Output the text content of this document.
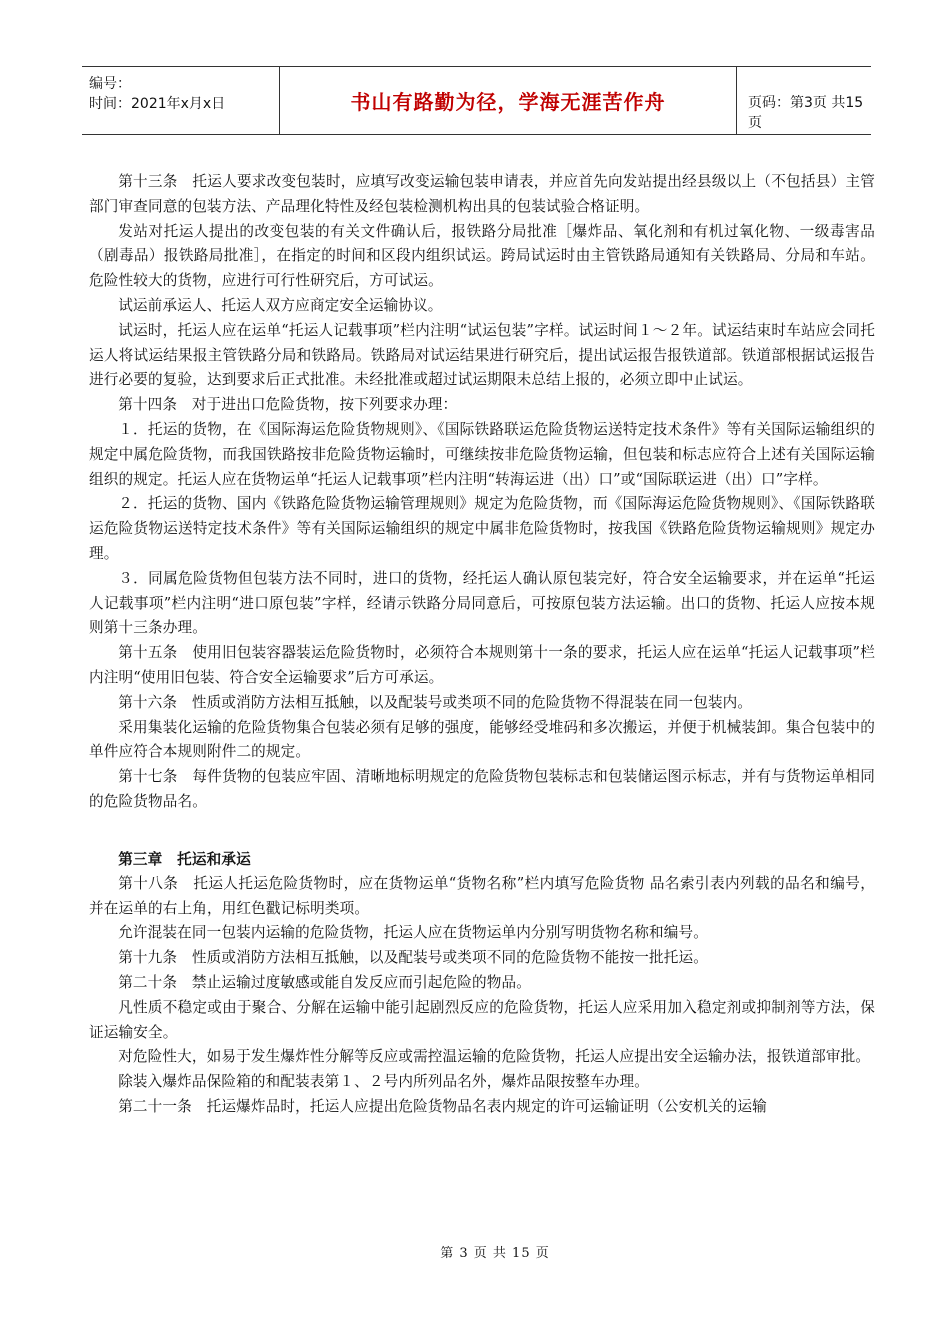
编号：
时间：2021年x月x日	书山有路勤为径，学海无涯苦作舟	页码：第3页 共15页

第十三条　托运人要求改变包装时，应填写改变运输包装申请表，并应首先向发站提出经县级以上（不包括县）主管部门审查同意的包装方法、产品理化特性及经包装检测机构出具的包装试验合格证明。

发站对托运人提出的改变包装的有关文件确认后，报铁路分局批准［爆炸品、氧化剂和有机过氧化物、一级毒害品（剧毒品）报铁路局批准］，在指定的时间和区段内组织试运。跨局试运时由主管铁路局通知有关铁路局、分局和车站。危险性较大的货物，应进行可行性研究后，方可试运。

试运前承运人、托运人双方应商定安全运输协议。

试运时，托运人应在运单“托运人记载事项”栏内注明“试运包装”字样。试运时间１～２年。试运结束时车站应会同托运人将试运结果报主管铁路分局和铁路局。铁路局对试运结果进行研究后，提出试运报告报铁道部。铁道部根据试运报告进行必要的复验，达到要求后正式批准。未经批准或超过试运期限未总结上报的，必须立即中止试运。

第十四条　对于进出口危险货物，按下列要求办理：

１．托运的货物，在《国际海运危险货物规则》、《国际铁路联运危险货物运送特定技术条件》等有关国际运输组织的规定中属危险货物，而我国铁路按非危险货物运输时，可继续按非危险货物运输，但包装和标志应符合上述有关国际运输组织的规定。托运人应在货物运单“托运人记载事项”栏内注明“转海运进（出）口”或“国际联运进（出）口”字样。

２．托运的货物、国内《铁路危险货物运输管理规则》规定为危险货物，而《国际海运危险货物规则》、《国际铁路联运危险货物运送特定技术条件》等有关国际运输组织的规定中属非危险货物时，按我国《铁路危险货物运输规则》规定办理。

３．同属危险货物但包装方法不同时，进口的货物，经托运人确认原包装完好，符合安全运输要求，并在运单“托运人记载事项”栏内注明“进口原包装”字样，经请示铁路分局同意后，可按原包装方法运输。出口的货物、托运人应按本规则第十三条办理。

第十五条　使用旧包装容器装运危险货物时，必须符合本规则第十一条的要求，托运人应在运单“托运人记载事项”栏内注明“使用旧包装、符合安全运输要求”后方可承运。

第十六条　性质或消防方法相互抵触，以及配装号或类项不同的危险货物不得混装在同一包装内。

采用集装化运输的危险货物集合包装必须有足够的强度，能够经受堆码和多次搬运，并便于机械装卸。集合包装中的单件应符合本规则附件二的规定。

第十七条　每件货物的包装应牢固、清晰地标明规定的危险货物包装标志和包装储运图示标志，并有与货物运单相同的危险货物品名。

第三章　托运和承运

第十八条　托运人托运危险货物时，应在货物运单“货物名称”栏内填写危险货物 品名索引表内列载的品名和编号，并在运单的右上角，用红色戳记标明类项。

允许混装在同一包装内运输的危险货物，托运人应在货物运单内分别写明货物名称和编号。

第十九条　性质或消防方法相互抵触，以及配装号或类项不同的危险货物不能按一批托运。

第二十条　禁止运输过度敏感或能自发反应而引起危险的物品。

凡性质不稳定或由于聚合、分解在运输中能引起剧烈反应的危险货物，托运人应采用加入稳定剂或抑制剂等方法，保证运输安全。

对危险性大，如易于发生爆炸性分解等反应或需控温运输的危险货物，托运人应提出安全运输办法，报铁道部审批。

除装入爆炸品保险箱的和配装表第１、２号内所列品名外，爆炸品限按整车办理。

第二十一条　托运爆炸品时，托运人应提出危险货物品名表内规定的许可运输证明（公安机关的运输

第 3 页 共 15 页
